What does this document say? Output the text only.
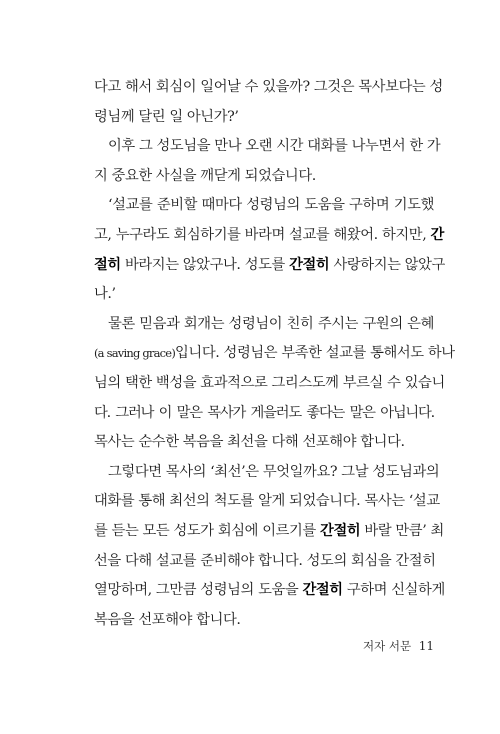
다고 해서 회심이 일어날 수 있을까? 그것은 목사보다는 성
령님께 달린 일 아닌가?’
이후 그 성도님을 만나 오랜 시간 대화를 나누면서 한 가
지 중요한 사실을 깨닫게 되었습니다.
‘설교를 준비할 때마다 성령님의 도움을 구하며 기도했
고, 누구라도 회심하기를 바라며 설교를 해왔어. 하지만, 간
절히 바라지는 않았구나. 성도를 간절히 사랑하지는 않았구
나.’
물론 믿음과 회개는 성령님이 친히 주시는 구원의 은혜
(a saving grace)입니다. 성령님은 부족한 설교를 통해서도 하나
님의 택한 백성을 효과적으로 그리스도께 부르실 수 있습니
다. 그러나 이 말은 목사가 게을러도 좋다는 말은 아닙니다.
목사는 순수한 복음을 최선을 다해 선포해야 합니다.
그렇다면 목사의 ‘최선’은 무엇일까요? 그날 성도님과의
대화를 통해 최선의 척도를 알게 되었습니다. 목사는 ‘설교
를 듣는 모든 성도가 회심에 이르기를 간절히 바랄 만큼’ 최
선을 다해 설교를 준비해야 합니다. 성도의 회심을 간절히
열망하며, 그만큼 성령님의 도움을 간절히 구하며 신실하게
복음을 선포해야 합니다.
저자 서문 11
